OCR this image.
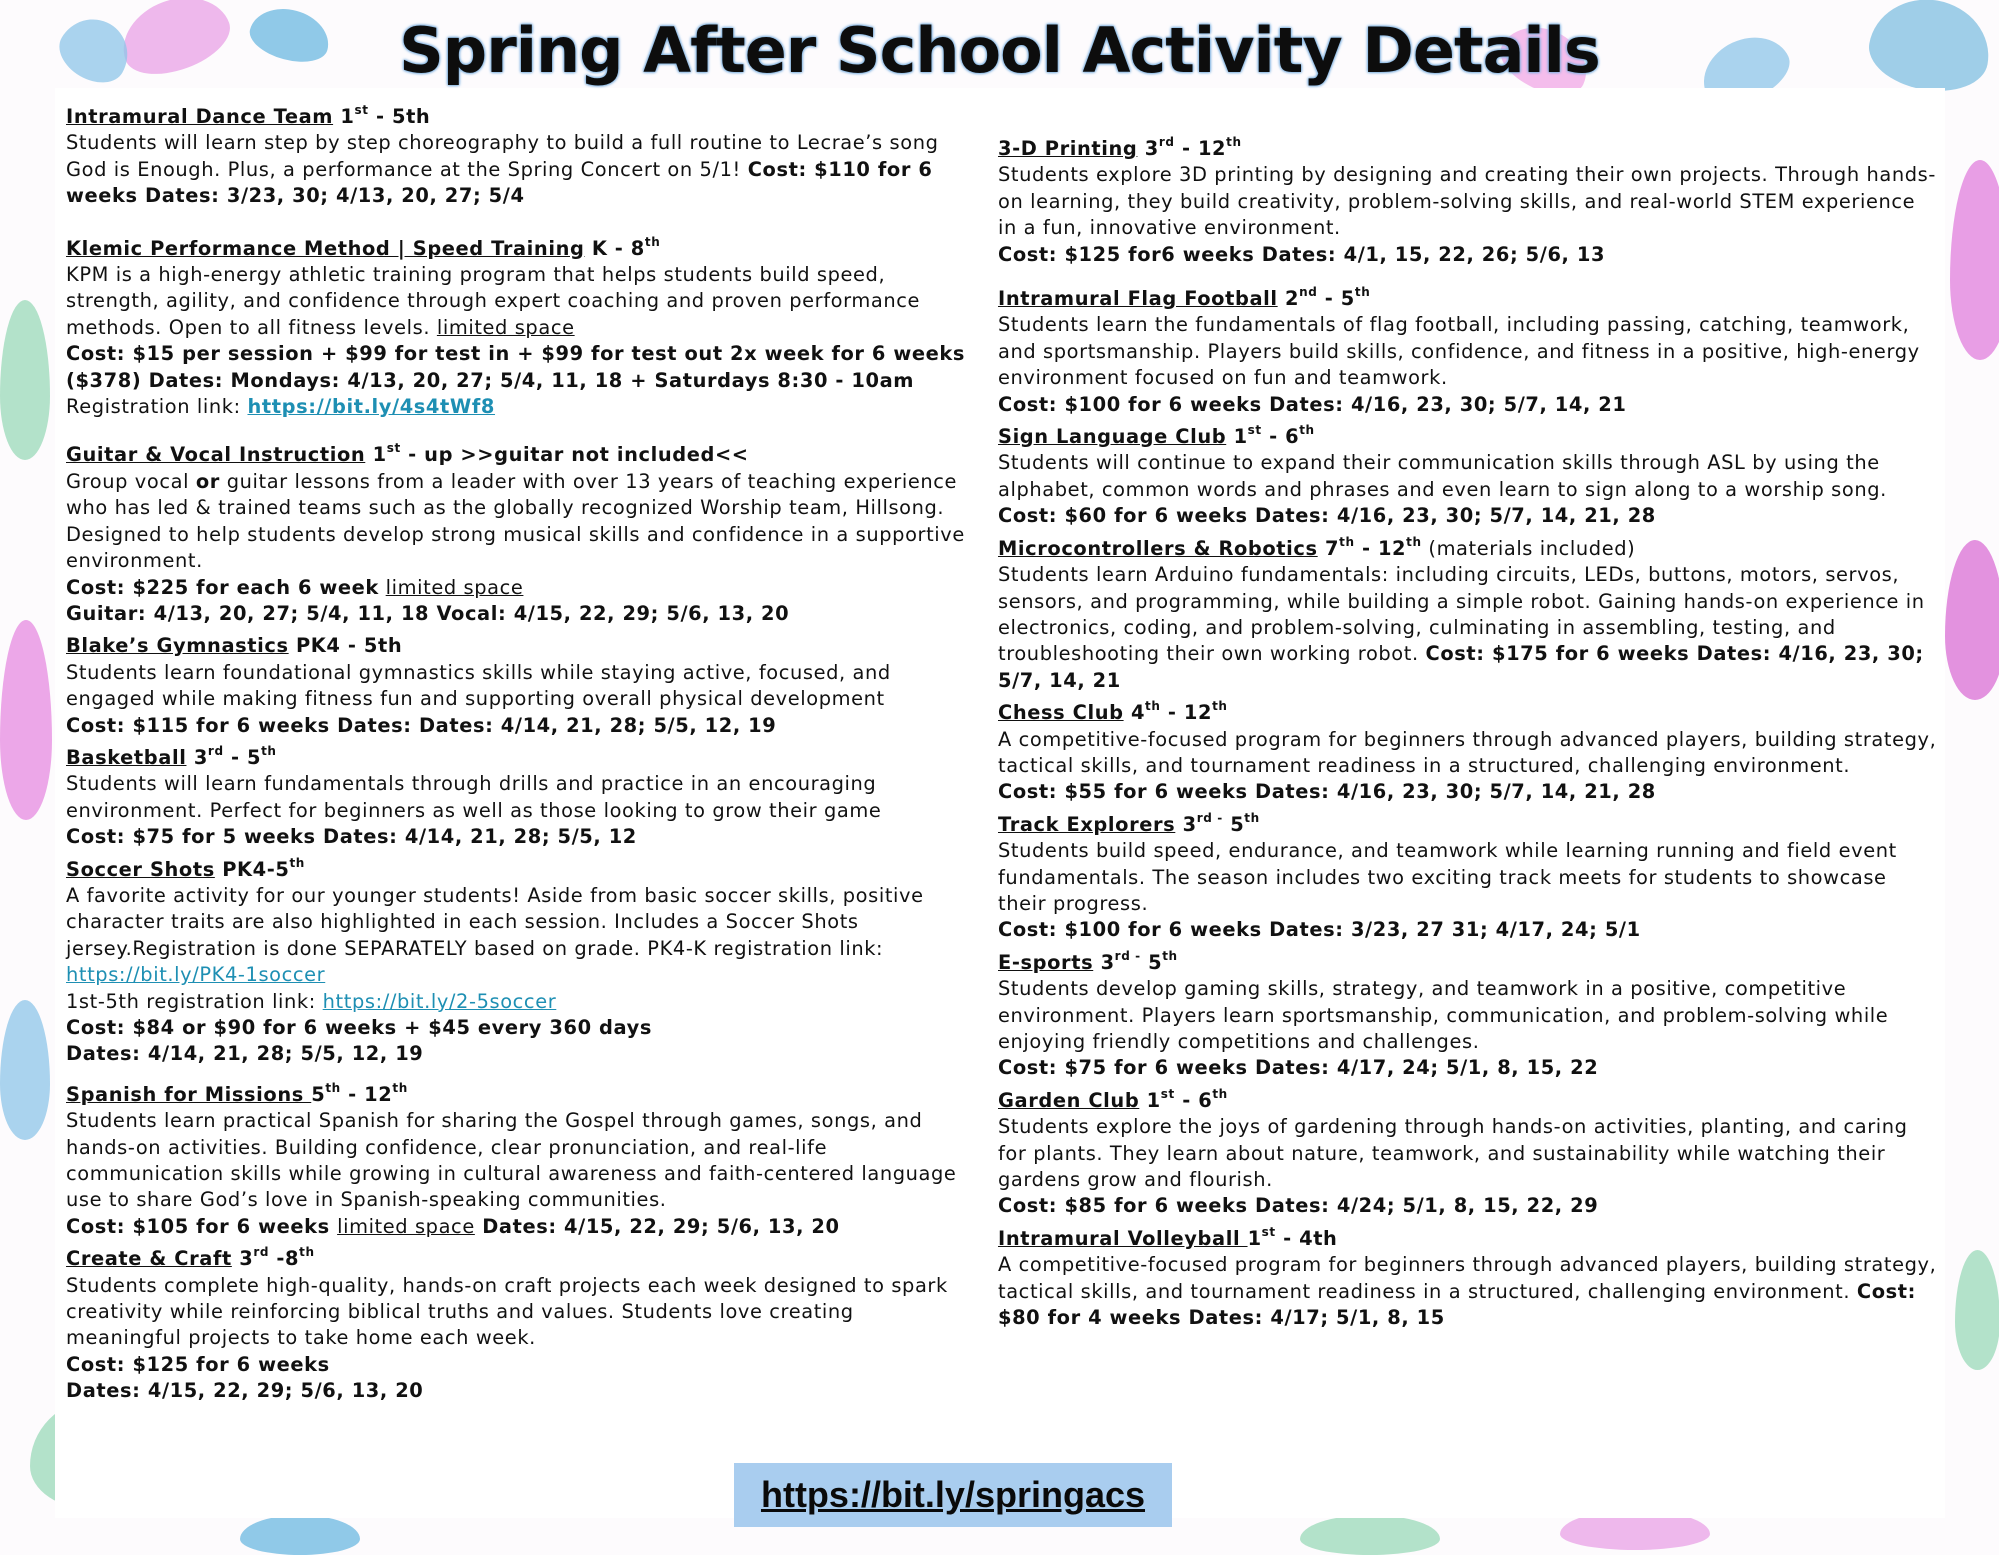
Spring After School Activity Details

Intramural Dance Team 1st - 5th

Students will learn step by step choreography to build a full routine to Lecrae’s song God is Enough. Plus, a performance at the Spring Concert on 5/1! Cost: $110 for 6 weeks Dates: 3/23, 30; 4/13, 20, 27; 5/4

Klemic Performance Method | Speed Training K - 8th

KPM is a high-energy athletic training program that helps students build speed, strength, agility, and confidence through expert coaching and proven performance methods. Open to all fitness levels. limited space

Cost: $15 per session + $99 for test in + $99 for test out 2x week for 6 weeks ($378) Dates: Mondays: 4/13, 20, 27; 5/4, 11, 18 + Saturdays 8:30 - 10am Registration link: https://bit.ly/4s4tWf8

Guitar & Vocal Instruction 1st - up >>guitar not included<<

Group vocal or guitar lessons from a leader with over 13 years of teaching experience who has led & trained teams such as the globally recognized Worship team, Hillsong. Designed to help students develop strong musical skills and confidence in a supportive environment.

Cost: $225 for each 6 week limited space

Guitar: 4/13, 20, 27; 5/4, 11, 18 Vocal: 4/15, 22, 29; 5/6, 13, 20

Blake’s Gymnastics PK4 - 5th

Students learn foundational gymnastics skills while staying active, focused, and engaged while making fitness fun and supporting overall physical development

Cost: $115 for 6 weeks Dates: Dates: 4/14, 21, 28; 5/5, 12, 19

Basketball 3rd - 5th

Students will learn fundamentals through drills and practice in an encouraging environment. Perfect for beginners as well as those looking to grow their game

Cost: $75 for 5 weeks Dates: 4/14, 21, 28; 5/5, 12

Soccer Shots PK4-5th

A favorite activity for our younger students! Aside from basic soccer skills, positive character traits are also highlighted in each session. Includes a Soccer Shots jersey.Registration is done SEPARATELY based on grade. PK4-K registration link: https://bit.ly/PK4-1soccer

1st-5th registration link: https://bit.ly/2-5soccer

Cost: $84 or $90 for 6 weeks + $45 every 360 days

Dates: 4/14, 21, 28; 5/5, 12, 19

Spanish for Missions 5th - 12th

Students learn practical Spanish for sharing the Gospel through games, songs, and hands-on activities. Building confidence, clear pronunciation, and real-life communication skills while growing in cultural awareness and faith-centered language use to share God’s love in Spanish-speaking communities.

Cost: $105 for 6 weeks limited space Dates: 4/15, 22, 29; 5/6, 13, 20

Create & Craft 3rd -8th

Students complete high-quality, hands-on craft projects each week designed to spark creativity while reinforcing biblical truths and values. Students love creating meaningful projects to take home each week.

Cost: $125 for 6 weeks

Dates: 4/15, 22, 29; 5/6, 13, 20

3-D Printing 3rd - 12th

Students explore 3D printing by designing and creating their own projects. Through hands-on learning, they build creativity, problem-solving skills, and real-world STEM experience in a fun, innovative environment.

Cost: $125 for6 weeks Dates: 4/1, 15, 22, 26; 5/6, 13

Intramural Flag Football 2nd - 5th

Students learn the fundamentals of flag football, including passing, catching, teamwork, and sportsmanship. Players build skills, confidence, and fitness in a positive, high-energy environment focused on fun and teamwork.

Cost: $100 for 6 weeks Dates: 4/16, 23, 30; 5/7, 14, 21

Sign Language Club 1st - 6th

Students will continue to expand their communication skills through ASL by using the alphabet, common words and phrases and even learn to sign along to a worship song.

Cost: $60 for 6 weeks Dates: 4/16, 23, 30; 5/7, 14, 21, 28

Microcontrollers & Robotics 7th - 12th (materials included)

Students learn Arduino fundamentals: including circuits, LEDs, buttons, motors, servos, sensors, and programming, while building a simple robot. Gaining hands-on experience in electronics, coding, and problem-solving, culminating in assembling, testing, and troubleshooting their own working robot. Cost: $175 for 6 weeks Dates: 4/16, 23, 30; 5/7, 14, 21

Chess Club 4th - 12th

A competitive-focused program for beginners through advanced players, building strategy, tactical skills, and tournament readiness in a structured, challenging environment.

Cost: $55 for 6 weeks Dates: 4/16, 23, 30; 5/7, 14, 21, 28

Track Explorers $3^{rd -}$ 5th

Students build speed, endurance, and teamwork while learning running and field event fundamentals. The season includes two exciting track meets for students to showcase their progress.

Cost: $100 for 6 weeks Dates: 3/23, 27 31; 4/17, 24; 5/1

E-sports $3^{rd -}$ 5th

Students develop gaming skills, strategy, and teamwork in a positive, competitive environment. Players learn sportsmanship, communication, and problem-solving while enjoying friendly competitions and challenges.

Cost: $75 for 6 weeks Dates: 4/17, 24; 5/1, 8, 15, 22

Garden Club 1st - 6th

Students explore the joys of gardening through hands-on activities, planting, and caring for plants. They learn about nature, teamwork, and sustainability while watching their gardens grow and flourish.

Cost: $85 for 6 weeks Dates: 4/24; 5/1, 8, 15, 22, 29

Intramural Volleyball 1st - 4th

A competitive-focused program for beginners through advanced players, building strategy, tactical skills, and tournament readiness in a structured, challenging environment. Cost: $80 for 4 weeks Dates: 4/17; 5/1, 8, 15

https://bit.ly/springacs
